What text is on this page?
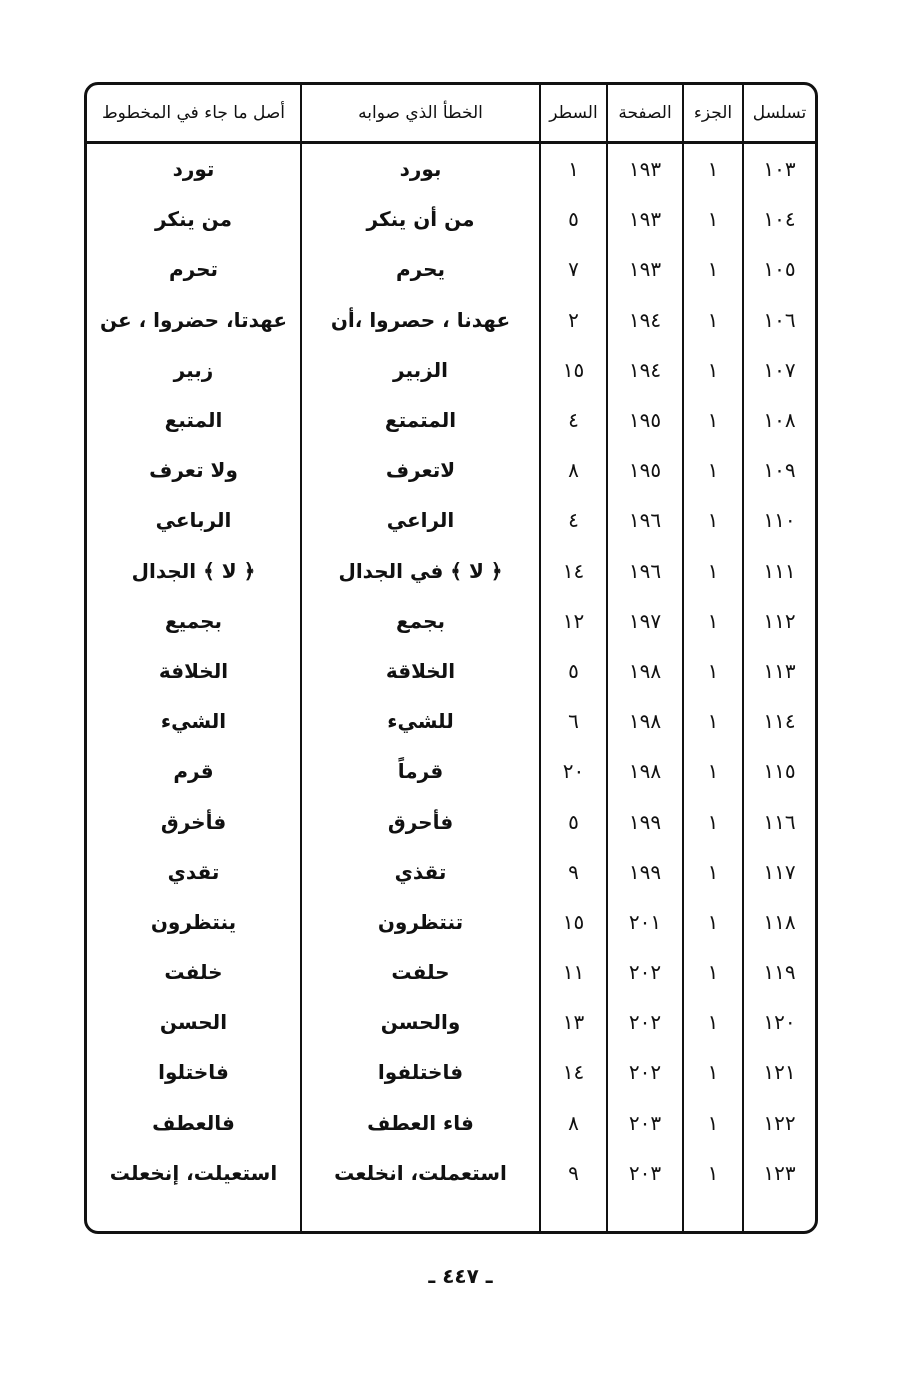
تسلسل	الجزء	الصفحة	السطر	الخطأ الذي صوابه	أصل ما جاء في المخطوط
١٠٣	١	١٩٣	١	بورد	تورد
١٠٤	١	١٩٣	٥	من أن ينكر	من ينكر
١٠٥	١	١٩٣	٧	يحرم	تحرم
١٠٦	١	١٩٤	٢	عهدنا ، حصروا ،أن	عهدتا، حضروا ، عن
١٠٧	١	١٩٤	١٥	الزبير	زبير
١٠٨	١	١٩٥	٤	المتمتع	المتبع
١٠٩	١	١٩٥	٨	لاتعرف	ولا تعرف
١١٠	١	١٩٦	٤	الراعي	الرباعي
١١١	١	١٩٦	١٤	﴿ لا ﴾ في الجدال	﴿ لا ﴾ الجدال
١١٢	١	١٩٧	١٢	بجمع	بجميع
١١٣	١	١٩٨	٥	الخلاقة	الخلافة
١١٤	١	١٩٨	٦	للشيء	الشيء
١١٥	١	١٩٨	٢٠	قرماً	قرم
١١٦	١	١٩٩	٥	فأحرق	فأخرق
١١٧	١	١٩٩	٩	تقذي	تقدي
١١٨	١	٢٠١	١٥	تنتظرون	ينتظرون
١١٩	١	٢٠٢	١١	حلفت	خلفت
١٢٠	١	٢٠٢	١٣	والحسن	الحسن
١٢١	١	٢٠٢	١٤	فاختلفوا	فاختلوا
١٢٢	١	٢٠٣	٨	فاء العطف	فالعطف
١٢٣	١	٢٠٣	٩	استعملت، انخلعت	استعيلت، إنخعلت

ـ ٤٤٧ ـ
